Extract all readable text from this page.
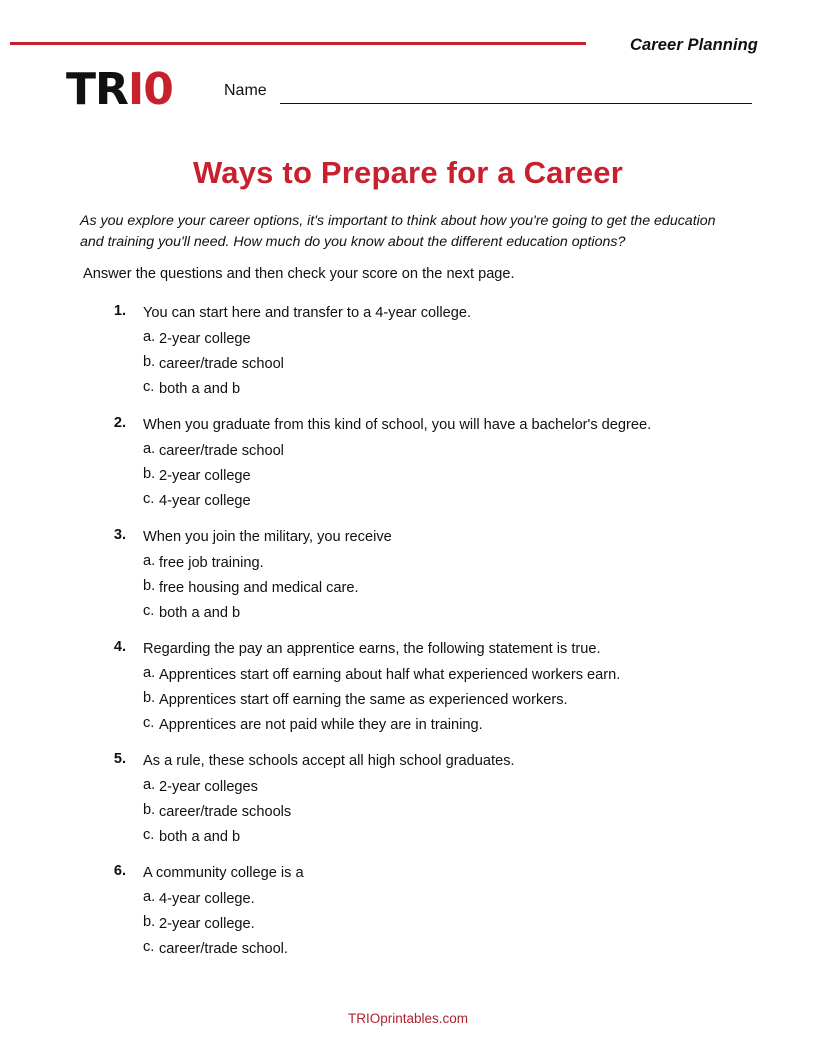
Career Planning
TRI0	Name
Ways to Prepare for a Career
As you explore your career options, it's important to think about how you're going to get the education and training you'll need. How much do you know about the different education options?
Answer the questions and then check your score on the next page.
1. You can start here and transfer to a 4-year college.
a. 2-year college
b. career/trade school
c. both a and b
2. When you graduate from this kind of school, you will have a bachelor's degree.
a. career/trade school
b. 2-year college
c. 4-year college
3. When you join the military, you receive
a. free job training.
b. free housing and medical care.
c. both a and b
4. Regarding the pay an apprentice earns, the following statement is true.
a. Apprentices start off earning about half what experienced workers earn.
b. Apprentices start off earning the same as experienced workers.
c. Apprentices are not paid while they are in training.
5. As a rule, these schools accept all high school graduates.
a. 2-year colleges
b. career/trade schools
c. both a and b
6. A community college is a
a. 4-year college.
b. 2-year college.
c. career/trade school.
TRIOprintables.com
